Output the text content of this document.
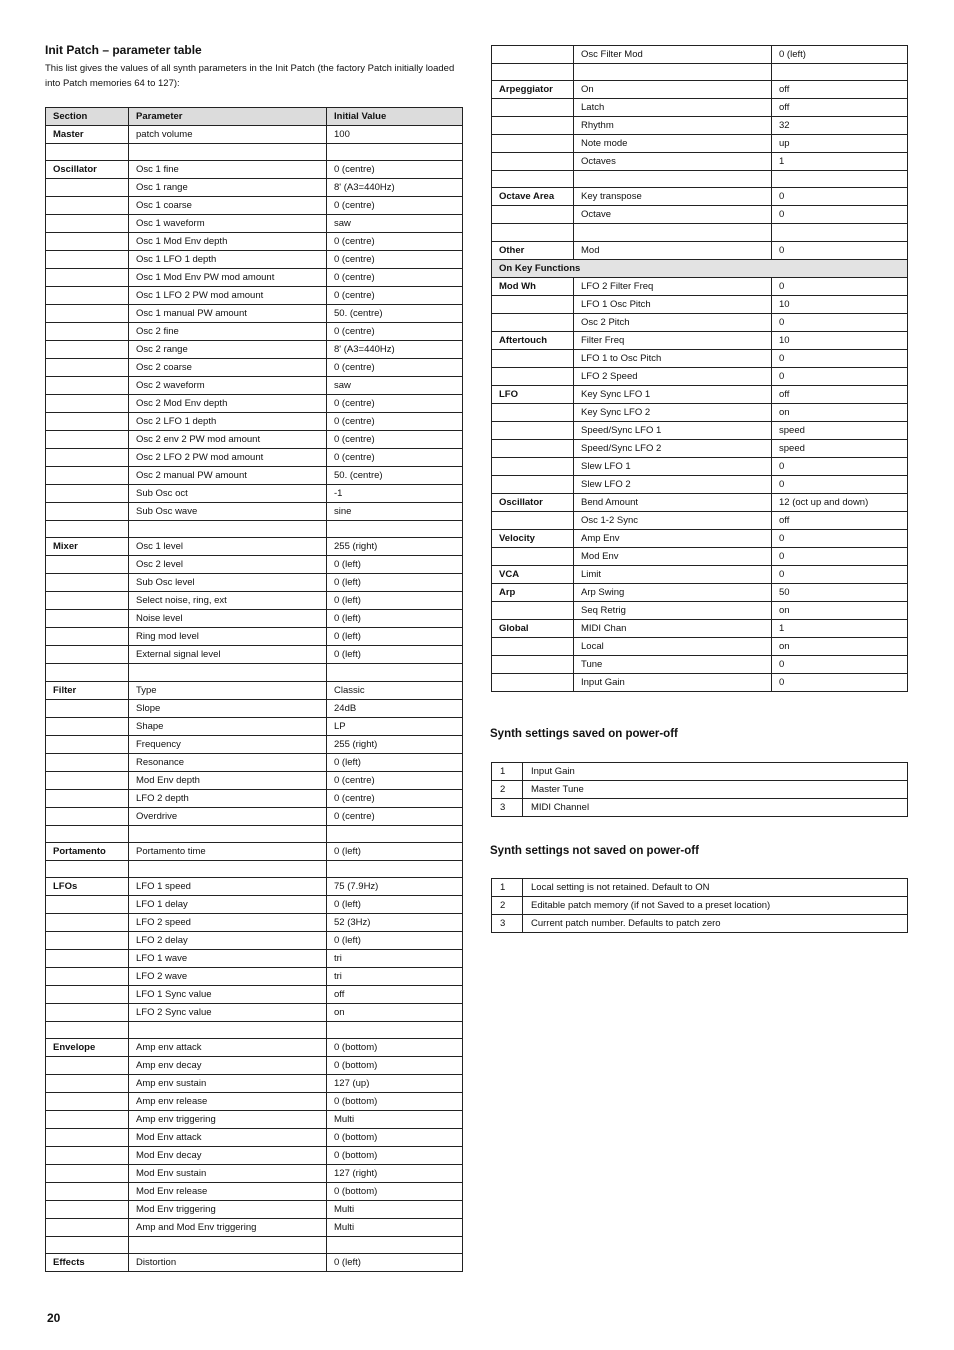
Init Patch – parameter table
This list gives the values of all synth parameters in the Init Patch (the factory Patch initially loaded into Patch memories 64 to 127):
Section	Parameter	Initial Value
Master	patch volume	100

Oscillator	Osc 1 fine	0 (centre)
	Osc 1 range	8' (A3=440Hz)
	Osc 1 coarse	0 (centre)
	Osc 1 waveform	saw
	Osc 1 Mod Env depth	0 (centre)
	Osc 1 LFO 1 depth	0 (centre)
	Osc 1 Mod Env PW mod amount	0 (centre)
	Osc 1 LFO 2 PW mod amount	0 (centre)
	Osc 1 manual PW amount	50. (centre)
	Osc 2 fine	0 (centre)
	Osc 2 range	8' (A3=440Hz)
	Osc 2 coarse	0 (centre)
	Osc 2 waveform	saw
	Osc 2 Mod Env depth	0 (centre)
	Osc 2 LFO 1 depth	0 (centre)
	Osc 2 env 2 PW mod amount	0 (centre)
	Osc 2 LFO 2 PW mod amount	0 (centre)
	Osc 2 manual PW amount	50. (centre)
	Sub Osc oct	-1
	Sub Osc wave	sine

Mixer	Osc 1 level	255 (right)
	Osc 2 level	0 (left)
	Sub Osc level	0 (left)
	Select noise, ring, ext	0 (left)
	Noise level	0 (left)
	Ring mod level	0 (left)
	External signal level	0 (left)

Filter	Type	Classic
	Slope	24dB
	Shape	LP
	Frequency	255 (right)
	Resonance	0 (left)
	Mod Env depth	0 (centre)
	LFO 2 depth	0 (centre)
	Overdrive	0 (centre)

Portamento	Portamento time	0 (left)

LFOs	LFO 1 speed	75 (7.9Hz)
	LFO 1 delay	0 (left)
	LFO 2 speed	52 (3Hz)
	LFO 2 delay	0 (left)
	LFO 1 wave	tri
	LFO 2 wave	tri
	LFO 1 Sync value	off
	LFO 2 Sync value	on

Envelope	Amp env attack	0 (bottom)
	Amp env decay	0 (bottom)
	Amp env sustain	127 (up)
	Amp env release	0 (bottom)
	Amp env triggering	Multi
	Mod Env attack	0 (bottom)
	Mod Env decay	0 (bottom)
	Mod Env sustain	127 (right)
	Mod Env release	0 (bottom)
	Mod Env triggering	Multi
	Amp and Mod Env triggering	Multi

Effects	Distortion	0 (left)
	Osc Filter Mod	0 (left)

Arpeggiator	On	off
	Latch	off
	Rhythm	32
	Note mode	up
	Octaves	1

Octave Area	Key transpose	0
	Octave	0

Other	Mod	0
On Key Functions		
Mod Wh	LFO 2 Filter Freq	0
	LFO 1 Osc Pitch	10
	Osc 2 Pitch	0
Aftertouch	Filter Freq	10
	LFO 1 to Osc Pitch	0
	LFO 2 Speed	0
LFO	Key Sync LFO 1	off
	Key Sync LFO 2	on
	Speed/Sync LFO 1	speed
	Speed/Sync LFO 2	speed
	Slew LFO 1	0
	Slew LFO 2	0
Oscillator	Bend Amount	12 (oct up and down)
	Osc 1-2 Sync	off
Velocity	Amp Env	0
	Mod Env	0
VCA	Limit	0
Arp	Arp Swing	50
	Seq Retrig	on
Global	MIDI Chan	1
	Local	on
	Tune	0
	Input Gain	0
Synth settings saved on power-off
1	Input Gain
2	Master Tune
3	MIDI Channel
Synth settings not saved on power-off
1	Local setting is not retained. Default to ON
2	Editable patch memory (if not Saved to a preset location)
3	Current patch number. Defaults to patch zero
20
